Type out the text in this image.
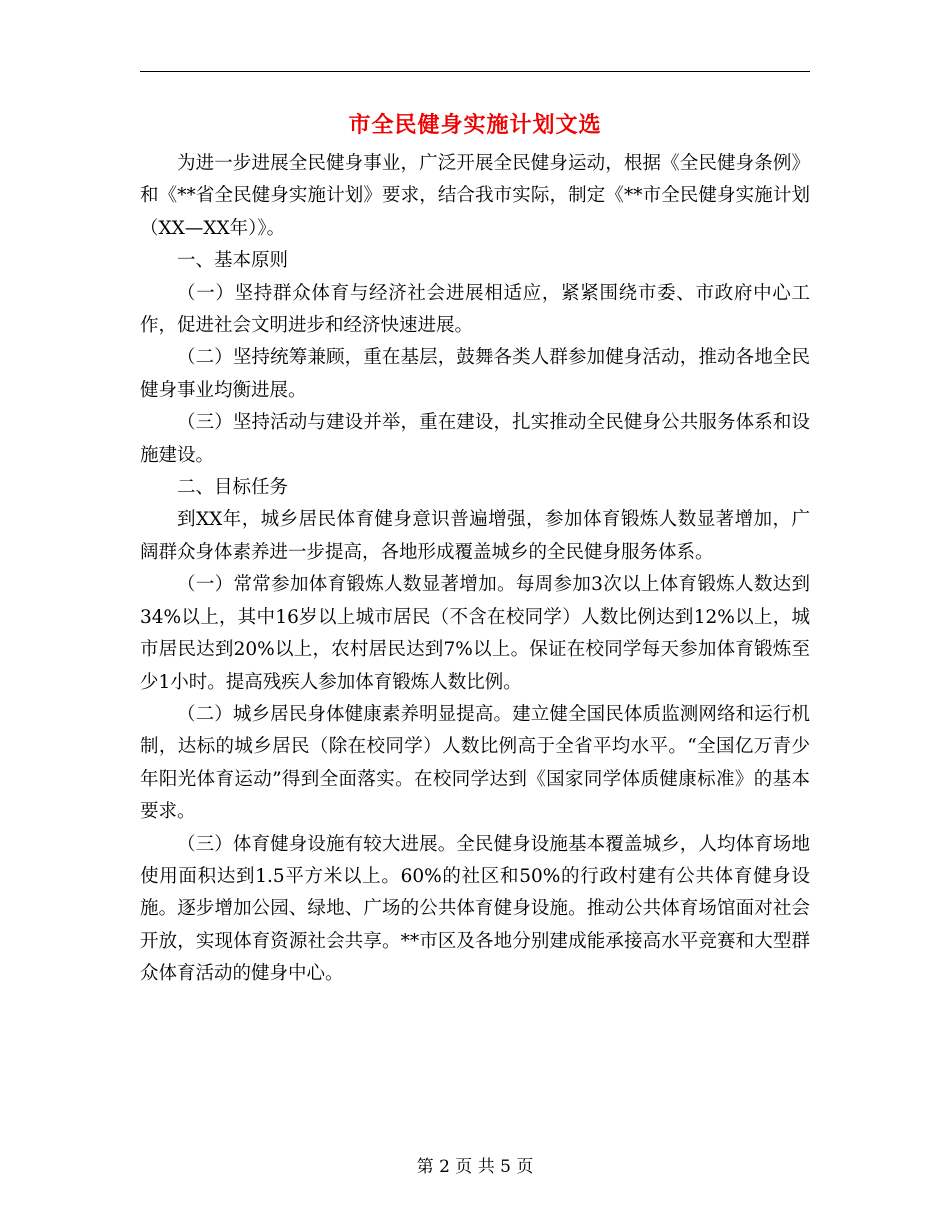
市全民健身实施计划文选

为进一步进展全民健身事业，广泛开展全民健身运动，根据《全民健身条例》和《**省全民健身实施计划》要求，结合我市实际，制定《**市全民健身实施计划（XX—XX年）》。

一、基本原则

（一）坚持群众体育与经济社会进展相适应，紧紧围绕市委、市政府中心工作，促进社会文明进步和经济快速进展。

（二）坚持统筹兼顾，重在基层，鼓舞各类人群参加健身活动，推动各地全民健身事业均衡进展。

（三）坚持活动与建设并举，重在建设，扎实推动全民健身公共服务体系和设施建设。

二、目标任务

到XX年，城乡居民体育健身意识普遍增强，参加体育锻炼人数显著增加，广阔群众身体素养进一步提高，各地形成覆盖城乡的全民健身服务体系。

（一）常常参加体育锻炼人数显著增加。每周参加3次以上体育锻炼人数达到34%以上，其中16岁以上城市居民（不含在校同学）人数比例达到12%以上，城市居民达到20%以上，农村居民达到7%以上。保证在校同学每天参加体育锻炼至少1小时。提高残疾人参加体育锻炼人数比例。

（二）城乡居民身体健康素养明显提高。建立健全国民体质监测网络和运行机制，达标的城乡居民（除在校同学）人数比例高于全省平均水平。“全国亿万青少年阳光体育运动”得到全面落实。在校同学达到《国家同学体质健康标准》的基本要求。

（三）体育健身设施有较大进展。全民健身设施基本覆盖城乡，人均体育场地使用面积达到1.5平方米以上。60%的社区和50%的行政村建有公共体育健身设施。逐步增加公园、绿地、广场的公共体育健身设施。推动公共体育场馆面对社会开放，实现体育资源社会共享。**市区及各地分别建成能承接高水平竞赛和大型群众体育活动的健身中心。

第 2 页 共 5 页
